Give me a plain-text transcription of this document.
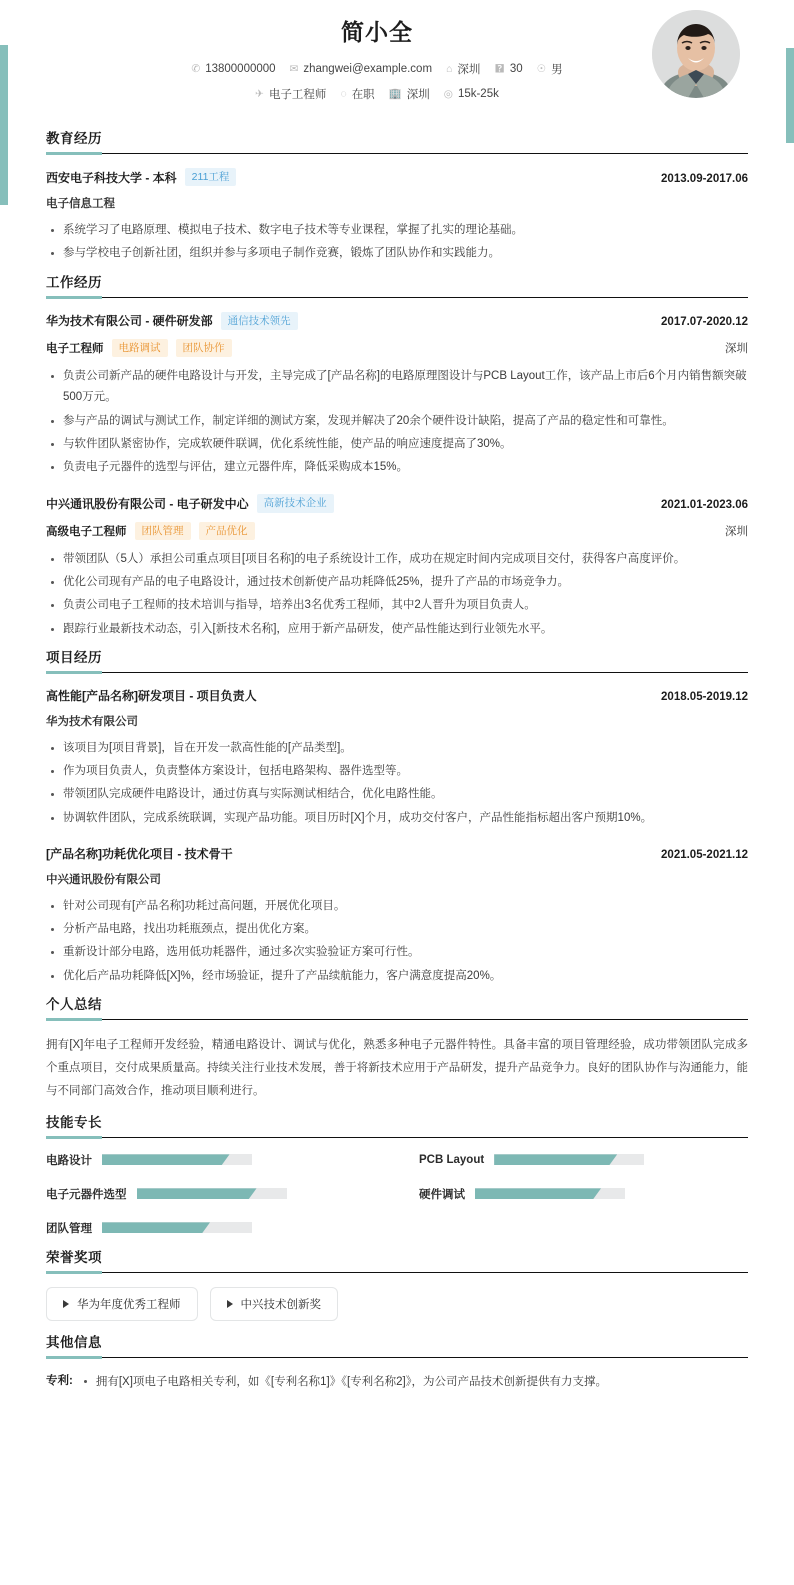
简小全
✆ 13800000000 ✉ zhangwei@example.com ⌂ 深圳 🯄 30 ☉ 男
✈ 电子工程师 ◌ 在职 🏢 深圳 ◎ 15k-25k
教育经历
西安电子科技大学 - 本科	211工程	2013.09-2017.06
电子信息工程
系统学习了电路原理、模拟电子技术、数字电子技术等专业课程，掌握了扎实的理论基础。
参与学校电子创新社团，组织并参与多项电子制作竞赛，锻炼了团队协作和实践能力。
工作经历
华为技术有限公司 - 硬件研发部	通信技术领先	2017.07-2020.12
电子工程师	电路调试	团队协作	深圳
负责公司新产品的硬件电路设计与开发，主导完成了[产品名称]的电路原理图设计与PCB Layout工作，该产品上市后6个月内销售额突破500万元。
参与产品的调试与测试工作，制定详细的测试方案，发现并解决了20余个硬件设计缺陷，提高了产品的稳定性和可靠性。
与软件团队紧密协作，完成软硬件联调，优化系统性能，使产品的响应速度提高了30%。
负责电子元器件的选型与评估，建立元器件库，降低采购成本15%。
中兴通讯股份有限公司 - 电子研发中心	高新技术企业	2021.01-2023.06
高级电子工程师	团队管理	产品优化	深圳
带领团队（5人）承担公司重点项目[项目名称]的电子系统设计工作，成功在规定时间内完成项目交付，获得客户高度评价。
优化公司现有产品的电子电路设计，通过技术创新使产品功耗降低25%，提升了产品的市场竞争力。
负责公司电子工程师的技术培训与指导，培养出3名优秀工程师，其中2人晋升为项目负责人。
跟踪行业最新技术动态，引入[新技术名称]，应用于新产品研发，使产品性能达到行业领先水平。
项目经历
高性能[产品名称]研发项目 - 项目负责人	2018.05-2019.12
华为技术有限公司
该项目为[项目背景]，旨在开发一款高性能的[产品类型]。
作为项目负责人，负责整体方案设计，包括电路架构、器件选型等。
带领团队完成硬件电路设计，通过仿真与实际测试相结合，优化电路性能。
协调软件团队，完成系统联调，实现产品功能。项目历时[X]个月，成功交付客户，产品性能指标超出客户预期10%。
[产品名称]功耗优化项目 - 技术骨干	2021.05-2021.12
中兴通讯股份有限公司
针对公司现有[产品名称]功耗过高问题，开展优化项目。
分析产品电路，找出功耗瓶颈点，提出优化方案。
重新设计部分电路，选用低功耗器件，通过多次实验验证方案可行性。
优化后产品功耗降低[X]%，经市场验证，提升了产品续航能力，客户满意度提高20%。
个人总结

拥有[X]年电子工程师开发经验，精通电路设计、调试与优化，熟悉多种电子元器件特性。具备丰富的项目管理经验，成功带领团队完成多个重点项目，交付成果质量高。持续关注行业技术发展，善于将新技术应用于产品研发，提升产品竞争力。良好的团队协作与沟通能力，能与不同部门高效合作，推动项目顺利进行。

技能专长
电路设计	PCB Layout
电子元器件选型	硬件调试
团队管理
荣誉奖项
华为年度优秀工程师	中兴技术创新奖
其他信息
专利:	拥有[X]项电子电路相关专利，如《[专利名称1]》《[专利名称2]》，为公司产品技术创新提供有力支撑。
